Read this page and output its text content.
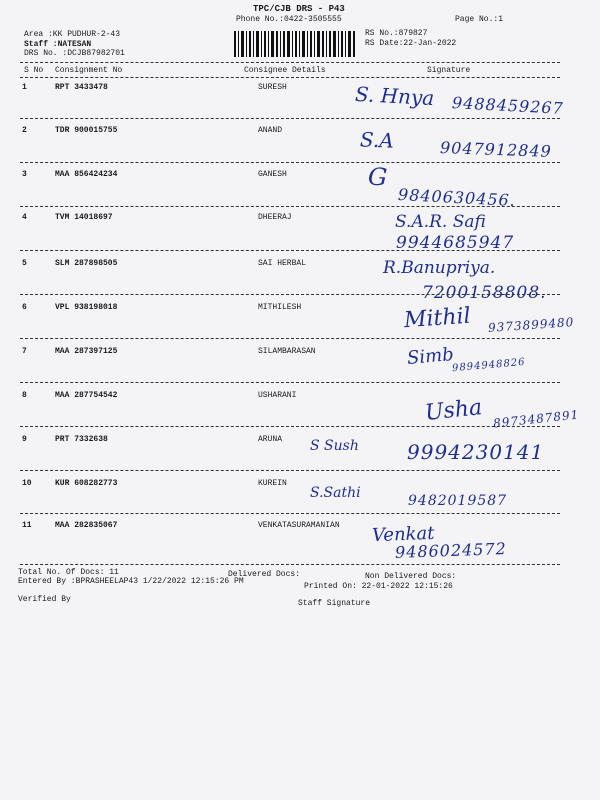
TPC/CJB DRS - P43
Phone No.:0422-3505555	Page No.:1
Area :KK PUDHUR-2-43
Staff :NATESAN
DRS No. :DCJB87982701
RS No.:879827
RS Date:22-Jan-2022
S No Consignment No	Consignee Details	Signature
1	RPT 3433478	SURESH	S. Hnya 9488459267
2	TDR 900015755	ANAND	S.A	9047912849
3	MAA 856424234	GANESH	G
9840630456.
4	TVM 14018697	DHEERAJ	S.A.R. Safi
9944685947
5	SLM 287898505	SAI HERBAL	R.Banupriya.
7200158808.
6	VPL 938198018	MITHILESH	Mithil 9373899480
7	MAA 287397125	SILAMBARASAN	Simb
9894948826
8	MAA 287754542	USHARANI	Usha 8973487891
9	PRT 7332638	ARUNA S Sush 9994230141
10	KUR 608282773	KUREIN
S.Sathi	9482019587
11	MAA 282835067	VENKATASURAMANIAN Venkat
9486024572
Total No. Of Docs: 11	Delivered Docs:	Non Delivered Docs:
Entered By :BPRASHEELAP43 1/22/2022 12:15:26 PM
Printed On: 22-01-2022 12:15:26
Verified By	Staff Signature
